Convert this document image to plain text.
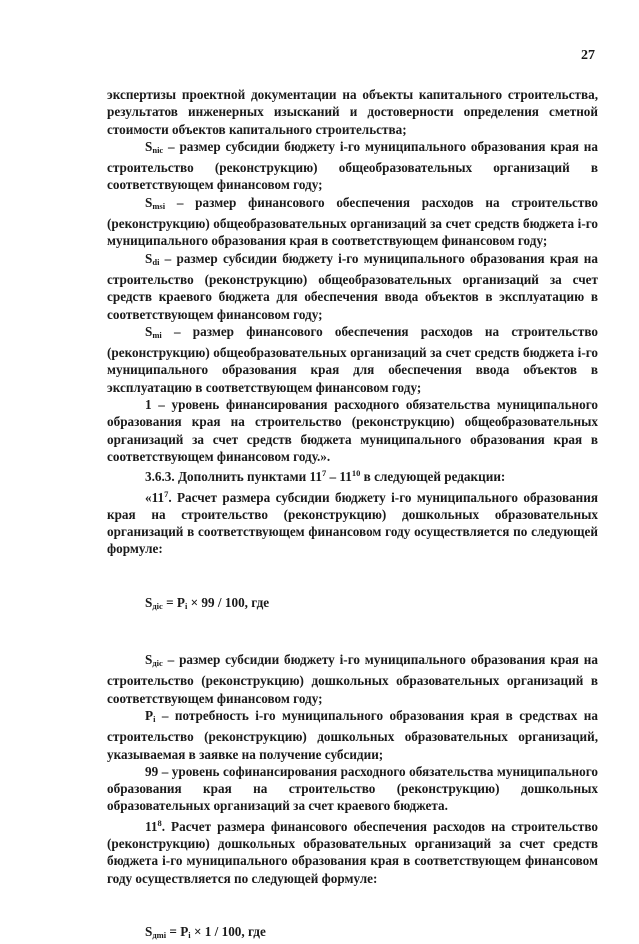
27

экспертизы проектной документации на объекты капитального строительства, результатов инженерных изысканий и достоверности определения сметной стоимости объектов капитального строительства;

$S_{nic}$ – размер субсидии бюджету i-го муниципального образования края на строительство (реконструкцию) общеобразовательных организаций в соответствующем финансовом году;

$S_{msi}$ – размер финансового обеспечения расходов на строительство (реконструкцию) общеобразовательных организаций за счет средств бюджета i-го муниципального образования края в соответствующем финансовом году;

$S_{di}$ – размер субсидии бюджету i-го муниципального образования края на строительство (реконструкцию) общеобразовательных организаций за счет средств краевого бюджета для обеспечения ввода объектов в эксплуатацию в соответствующем финансовом году;

$S_{mi}$ – размер финансового обеспечения расходов на строительство (реконструкцию) общеобразовательных организаций за счет средств бюджета i-го муниципального образования края для обеспечения ввода объектов в эксплуатацию в соответствующем финансовом году;

1 – уровень финансирования расходного обязательства муниципального образования края на строительство (реконструкцию) общеобразовательных организаций за счет средств бюджета муниципального образования края в соответствующем финансовом году.».

3.6.3. Дополнить пунктами $11^7 - 11^{10}$ в следующей редакции:

«$11^7$. Расчет размера субсидии бюджету i-го муниципального образования края на строительство (реконструкцию) дошкольных образовательных организаций в соответствующем финансовом году осуществляется по следующей формуле:

$S_{дic} = P_i \times 99 / 100$, где

$S_{дic}$ – размер субсидии бюджету i-го муниципального образования края на строительство (реконструкцию) дошкольных образовательных организаций в соответствующем финансовом году;

$P_i$ – потребность i-го муниципального образования края в средствах на строительство (реконструкцию) дошкольных образовательных организаций, указываемая в заявке на получение субсидии;

99 – уровень софинансирования расходного обязательства муниципального образования края на строительство (реконструкцию) дошкольных образовательных организаций за счет краевого бюджета.

$11^8$. Расчет размера финансового обеспечения расходов на строительство (реконструкцию) дошкольных образовательных организаций за счет средств бюджета i-го муниципального образования края в соответствующем финансовом году осуществляется по следующей формуле:

$S_{дmi} = P_i \times 1 / 100$, где
